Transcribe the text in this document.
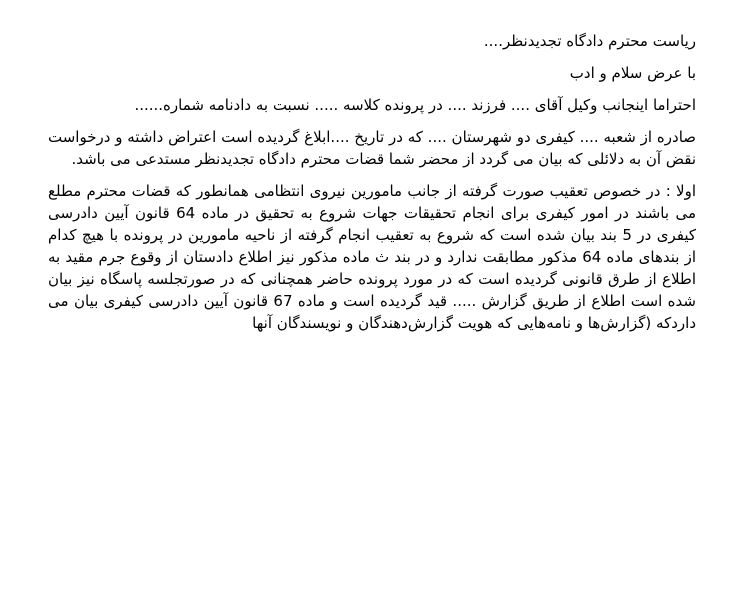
ریاست محترم دادگاه تجدیدنظر....

با عرض سلام و ادب

احتراما اینجانب وکیل آقای .... فرزند .... در پرونده کلاسه ..... نسبت به دادنامه شماره......

صادره از شعبه .... کیفری دو شهرستان .... که در تاریخ ....ابلاغ گردیده است اعتراض داشته و درخواست نقض آن به دلائلی که بیان می گردد از محضر شما قضات محترم دادگاه تجدیدنظر مستدعی می باشد.

اولا : در خصوص تعقیب صورت گرفته از جانب مامورین نیروی انتظامی همانطور که قضات محترم مطلع می باشند در امور کیفری برای انجام تحقیقات جهات شروع به تحقیق در ماده 64 قانون آیین دادرسی کیفری در 5 بند بیان شده است که شروع به تعقیب انجام گرفته از ناحیه مامورین در پرونده با هیچ کدام از بندهای ماده 64 مذکور مطابقت ندارد و در بند ث ماده مذکور نیز اطلاع دادستان از وقوع جرم مقید به اطلاع از طرق قانونی گردیده است که در مورد پرونده حاضر همچنانی که در صورتجلسه پاسگاه نیز بیان شده است اطلاع از طریق گزارش ..... قید گردیده است و ماده 67 قانون آیین دادرسی کیفری بیان می داردکه (گزارش‌ها و نامه‌هایی که هویت گزارش‌دهندگان و نویسندگان آنها
